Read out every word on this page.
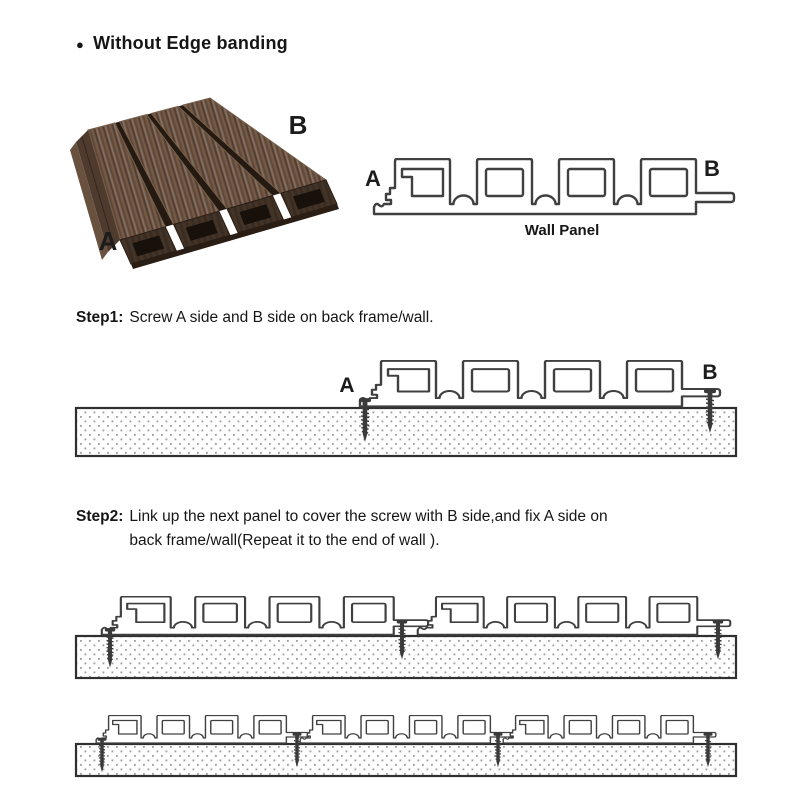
● Without Edge banding
A
B
A	B
Wall Panel
Step1: Screw A side and B side on back frame/wall.
A
B
Step2: Link up the next panel to cover the screw with B side,and fix A side on
back frame/wall(Repeat it to the end of wall ).
